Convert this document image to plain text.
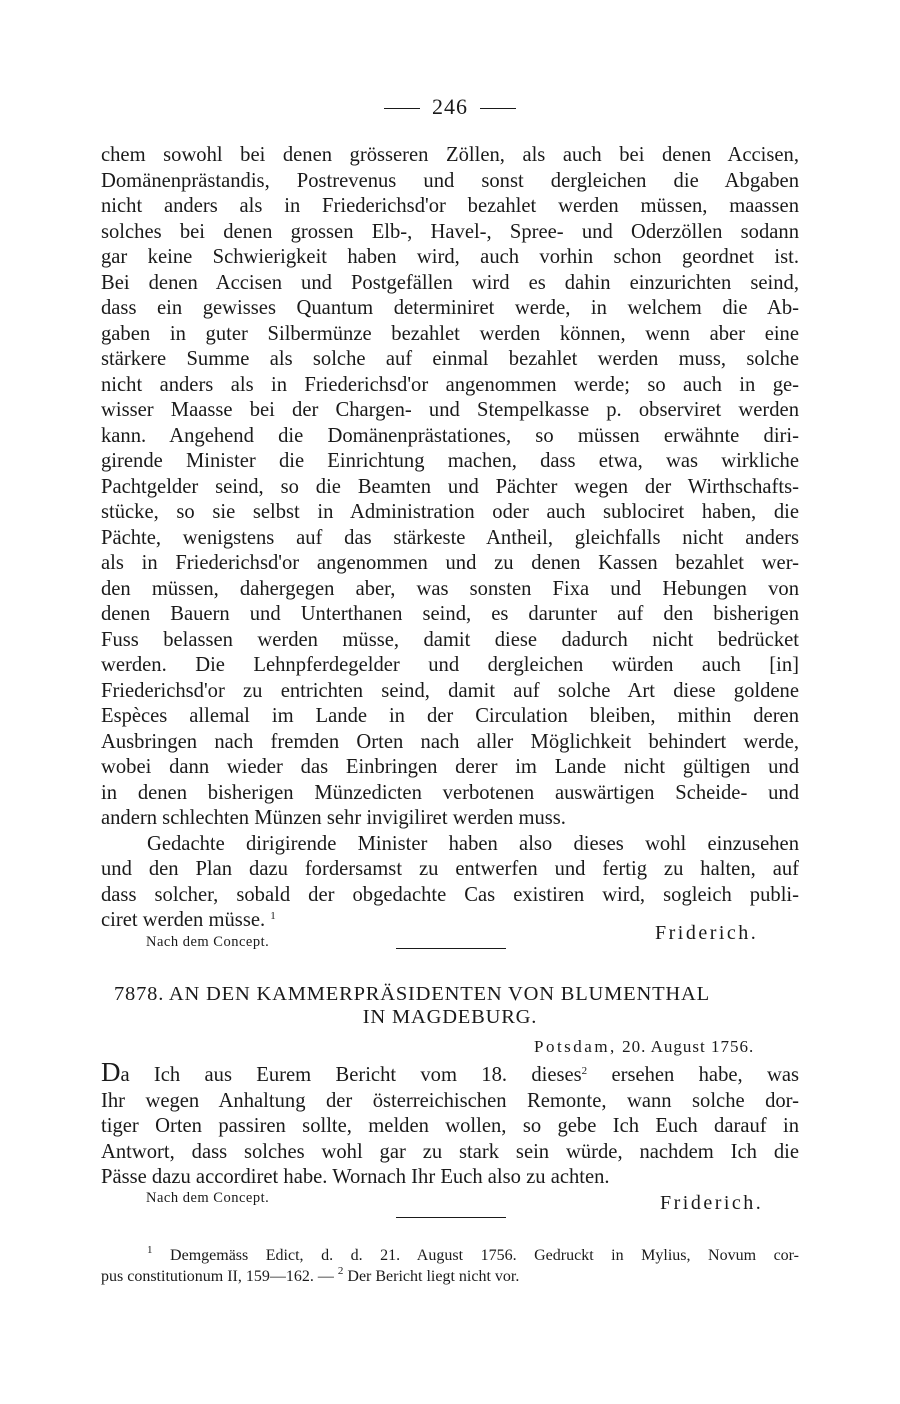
246
chem sowohl bei denen grösseren Zöllen, als auch bei denen Accisen,
Domänenprästandis, Postrevenus und sonst dergleichen die Abgaben
nicht anders als in Friederichsd'or bezahlet werden müssen, maassen
solches bei denen grossen Elb-, Havel-, Spree- und Oderzöllen sodann
gar keine Schwierigkeit haben wird, auch vorhin schon geordnet ist.
Bei denen Accisen und Postgefällen wird es dahin einzurichten seind,
dass ein gewisses Quantum determiniret werde, in welchem die Ab-
gaben in guter Silbermünze bezahlet werden können, wenn aber eine
stärkere Summe als solche auf einmal bezahlet werden muss, solche
nicht anders als in Friederichsd'or angenommen werde; so auch in ge-
wisser Maasse bei der Chargen- und Stempelkasse p. observiret werden
kann. Angehend die Domänenprästationes, so müssen erwähnte diri-
girende Minister die Einrichtung machen, dass etwa, was wirkliche
Pachtgelder seind, so die Beamten und Pächter wegen der Wirthschafts-
stücke, so sie selbst in Administration oder auch sublociret haben, die
Pächte, wenigstens auf das stärkeste Antheil, gleichfalls nicht anders
als in Friederichsd'or angenommen und zu denen Kassen bezahlet wer-
den müssen, dahergegen aber, was sonsten Fixa und Hebungen von
denen Bauern und Unterthanen seind, es darunter auf den bisherigen
Fuss belassen werden müsse, damit diese dadurch nicht bedrücket
werden. Die Lehnpferdegelder und dergleichen würden auch [in]
Friederichsd'or zu entrichten seind, damit auf solche Art diese goldene
Espèces allemal im Lande in der Circulation bleiben, mithin deren
Ausbringen nach fremden Orten nach aller Möglichkeit behindert werde,
wobei dann wieder das Einbringen derer im Lande nicht gültigen und
in denen bisherigen Münzedicten verbotenen auswärtigen Scheide- und
andern schlechten Münzen sehr invigiliret werden muss.
Gedachte dirigirende Minister haben also dieses wohl einzusehen
und den Plan dazu fordersamst zu entwerfen und fertig zu halten, auf
dass solcher, sobald der obgedachte Cas existiren wird, sogleich publi-
ciret werden müsse. $^1$
Nach dem Concept.	Friderich.
7878. AN DEN KAMMERPRÄSIDENTEN VON BLUMENTHAL
IN MAGDEBURG.
Potsdam, 20. August 1756.
Da Ich aus Eurem Bericht vom 18. dieses$^2$ ersehen habe, was
Ihr wegen Anhaltung der österreichischen Remonte, wann solche dor-
tiger Orten passiren sollte, melden wollen, so gebe Ich Euch darauf in
Antwort, dass solches wohl gar zu stark sein würde, nachdem Ich die
Pässe dazu accordiret habe. Wornach Ihr Euch also zu achten.
Nach dem Concept.	Friderich.
$^1$ Demgemäss Edict, d. d. 21. August 1756. Gedruckt in Mylius, Novum cor-
pus constitutionum II, 159—162. — $^2$ Der Bericht liegt nicht vor.
